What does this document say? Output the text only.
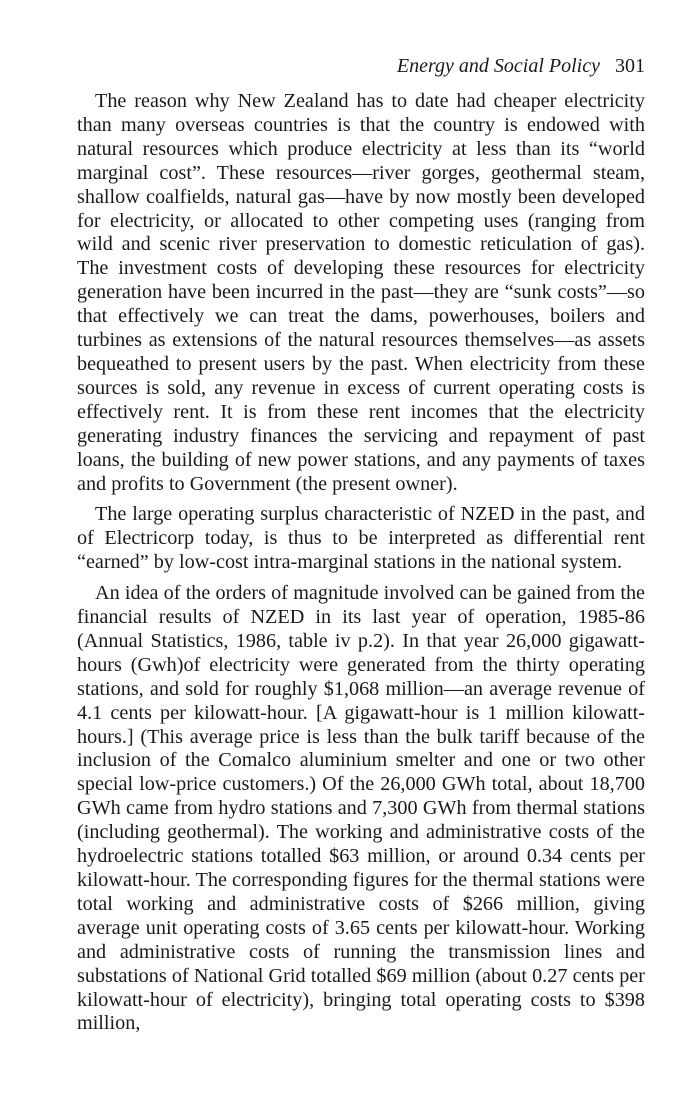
Energy and Social Policy 301

The reason why New Zealand has to date had cheaper electricity than many overseas countries is that the country is endowed with natural resources which produce electricity at less than its “world marginal cost”. These resources—river gorges, geothermal steam, shallow coalfields, natural gas—have by now mostly been developed for electricity, or allocated to other competing uses (ranging from wild and scenic river preservation to domestic reticulation of gas). The investment costs of developing these resources for electricity generation have been incurred in the past—they are “sunk costs”—so that effectively we can treat the dams, powerhouses, boilers and turbines as extensions of the natural resources themselves—as assets bequeathed to present users by the past. When electricity from these sources is sold, any revenue in excess of current operating costs is effectively rent. It is from these rent incomes that the electricity generating industry finances the servicing and repayment of past loans, the building of new power stations, and any payments of taxes and profits to Government (the present owner).

The large operating surplus characteristic of NZED in the past, and of Electricorp today, is thus to be interpreted as differential rent “earned” by low-cost intra-marginal stations in the national system.

An idea of the orders of magnitude involved can be gained from the financial results of NZED in its last year of operation, 1985-86 (Annual Statistics, 1986, table iv p.2). In that year 26,000 gigawatt-hours (Gwh)of electricity were generated from the thirty operating stations, and sold for roughly $1,068 million—an average revenue of 4.1 cents per kilowatt-hour. [A gigawatt-hour is 1 million kilowatt-hours.] (This average price is less than the bulk tariff because of the inclusion of the Comalco aluminium smelter and one or two other special low-price customers.) Of the 26,000 GWh total, about 18,700 GWh came from hydro stations and 7,300 GWh from thermal stations (including geothermal). The working and administrative costs of the hydroelectric stations totalled $63 million, or around 0.34 cents per kilowatt-hour. The corresponding figures for the thermal stations were total working and administrative costs of $266 million, giving average unit operating costs of 3.65 cents per kilowatt-hour. Working and administrative costs of running the transmission lines and substations of National Grid totalled $69 million (about 0.27 cents per kilowatt-hour of electricity), bringing total operating costs to $398 million,
